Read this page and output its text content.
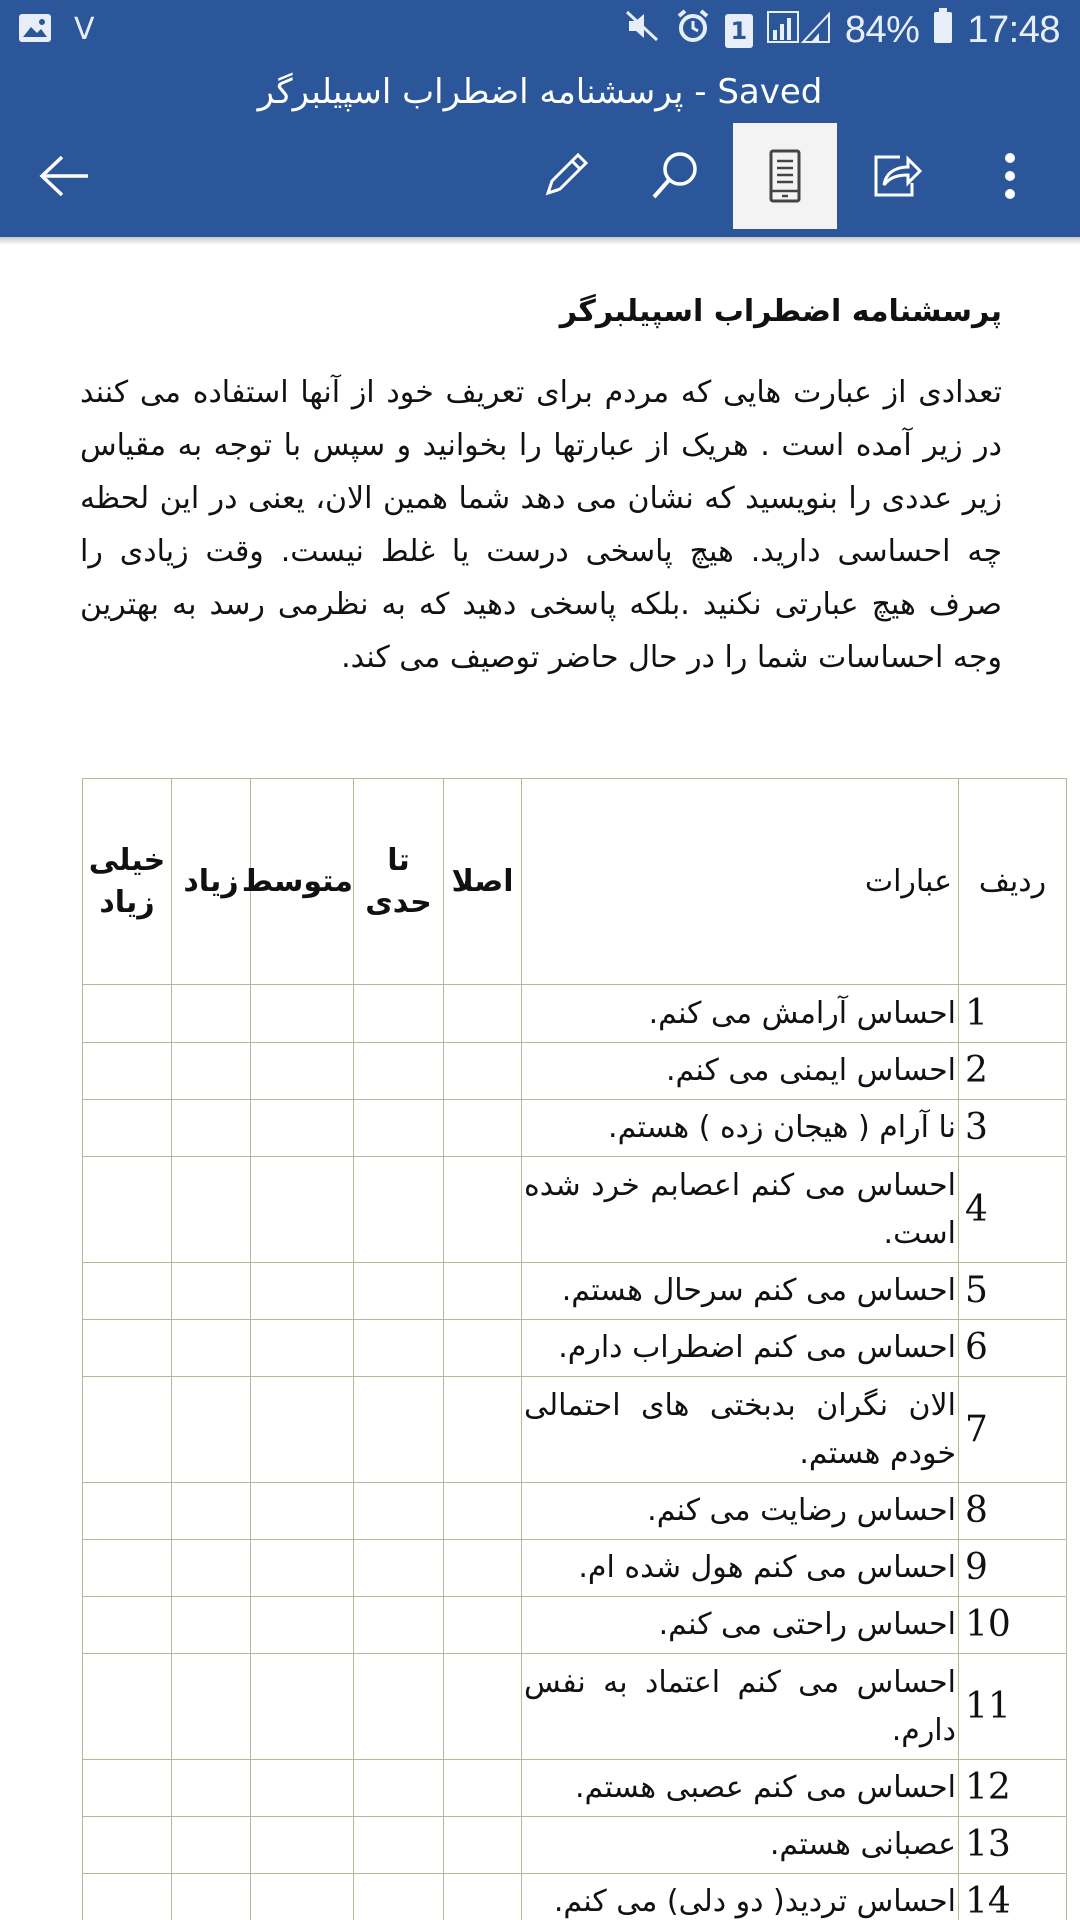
V	1	84% 17:48
پرسشنامه اضطراب اسپیلبرگر - Saved
پرسشنامه اضطراب اسپیلبرگر
تعدادی از عبارت هایی که مردم برای تعریف خود از آنها استفاده می کنند در زیر آمده است . هریک از عبارتها را بخوانید و سپس با توجه به مقیاس زیر عددی را بنویسید که نشان می دهد شما همین الان، یعنی در این لحظه چه احساسی دارید. هیچ پاسخی درست یا غلط نیست. وقت زیادی را صرف هیچ عبارتی نکنید .بلکه پاسخی دهید که به نظرمی رسد به بهترین وجه احساسات شما را در حال حاضر توصیف می کند.
ردیف	عبارات	اصلا	تا حدی	متوسط	زیاد	خیلی زیاد
1	احساس آرامش می کنم.					
2	احساس ایمنی می کنم.					
3	نا آرام ( هیجان زده ) هستم.					
4	احساس می کنم اعصابم خرد شده است.					
5	احساس می کنم سرحال هستم.					
6	احساس می کنم اضطراب دارم.					
7	الان نگران بدبختی های احتمالی خودم هستم.					
8	احساس رضایت می کنم.					
9	احساس می کنم هول شده ام.					
10	احساس راحتی می کنم.					
11	احساس می کنم اعتماد به نفس دارم.					
12	احساس می کنم عصبی هستم.					
13	عصبانی هستم.					
14	احساس تردید( دو دلی) می کنم.					
